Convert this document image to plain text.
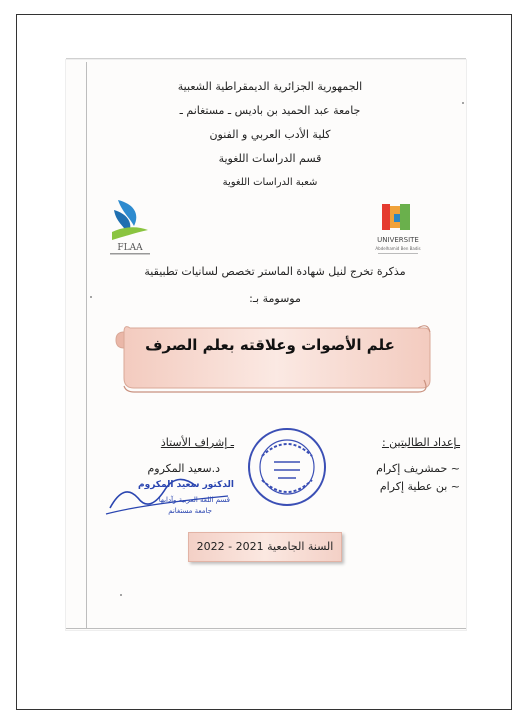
الجمهورية الجزائرية الديمقراطية الشعبية
جامعة عبد الحميد بن باديس ـ مستغانم ـ
كلية الأدب العربي و الفنون
قسم الدراسات اللغوية
شعبة الدراسات اللغوية
FLAA
UNIVERSITE
Abdelhamid Ben Badis
مذكرة تخرج لنيل شهادة الماستر تخصص لسانيات تطبيقية
موسومة بـ:
علم الأصوات وعلاقته بعلم الصرف
ـإعداد الطالبتين :
~ حمشريف إكرام
~ بن عطية إكرام
ـ إشراف الأستاذ
د.سعيد المكروم
الدكتور سعيد المكروم
قسم اللغة العربية وآدابها
جامعة مستغانم
السنة الجامعية 2021 - 2022
